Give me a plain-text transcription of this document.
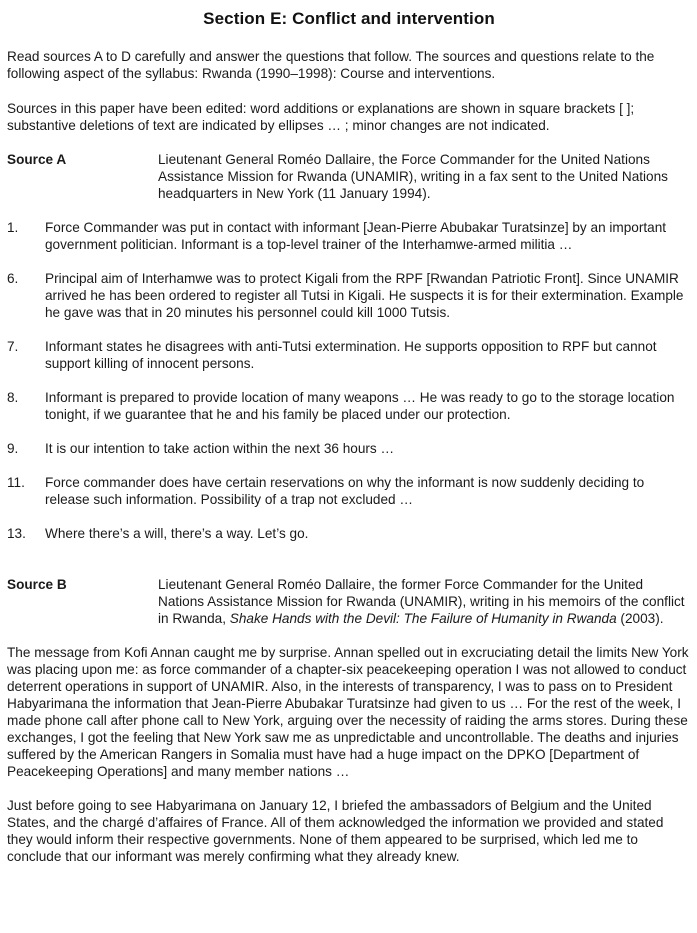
Section E: Conflict and intervention

Read sources A to D carefully and answer the questions that follow. The sources and questions relate to the following aspect of the syllabus: Rwanda (1990–1998): Course and interventions.

Sources in this paper have been edited: word additions or explanations are shown in square brackets [ ]; substantive deletions of text are indicated by ellipses … ; minor changes are not indicated.

Source A	Lieutenant General Roméo Dallaire, the Force Commander for the United Nations Assistance Mission for Rwanda (UNAMIR), writing in a fax sent to the United Nations headquarters in New York (11 January 1994).
1.	Force Commander was put in contact with informant [Jean-Pierre Abubakar Turatsinze] by an important government politician. Informant is a top-level trainer of the Interhamwe-armed militia …
6.	Principal aim of Interhamwe was to protect Kigali from the RPF [Rwandan Patriotic Front]. Since UNAMIR arrived he has been ordered to register all Tutsi in Kigali. He suspects it is for their extermination. Example he gave was that in 20 minutes his personnel could kill 1000 Tutsis.
7.	Informant states he disagrees with anti-Tutsi extermination. He supports opposition to RPF but cannot support killing of innocent persons.
8.	Informant is prepared to provide location of many weapons … He was ready to go to the storage location tonight, if we guarantee that he and his family be placed under our protection.
9.	It is our intention to take action within the next 36 hours …
11.	Force commander does have certain reservations on why the informant is now suddenly deciding to release such information. Possibility of a trap not excluded …
13.	Where there’s a will, there’s a way. Let’s go.
Source B	Lieutenant General Roméo Dallaire, the former Force Commander for the United Nations Assistance Mission for Rwanda (UNAMIR), writing in his memoirs of the conflict in Rwanda, Shake Hands with the Devil: The Failure of Humanity in Rwanda (2003).

The message from Kofi Annan caught me by surprise. Annan spelled out in excruciating detail the limits New York was placing upon me: as force commander of a chapter-six peacekeeping operation I was not allowed to conduct deterrent operations in support of UNAMIR. Also, in the interests of transparency, I was to pass on to President Habyarimana the information that Jean-Pierre Abubakar Turatsinze had given to us … For the rest of the week, I made phone call after phone call to New York, arguing over the necessity of raiding the arms stores. During these exchanges, I got the feeling that New York saw me as unpredictable and uncontrollable. The deaths and injuries suffered by the American Rangers in Somalia must have had a huge impact on the DPKO [Department of Peacekeeping Operations] and many member nations …

Just before going to see Habyarimana on January 12, I briefed the ambassadors of Belgium and the United States, and the chargé d’affaires of France. All of them acknowledged the information we provided and stated they would inform their respective governments. None of them appeared to be surprised, which led me to conclude that our informant was merely confirming what they already knew.
